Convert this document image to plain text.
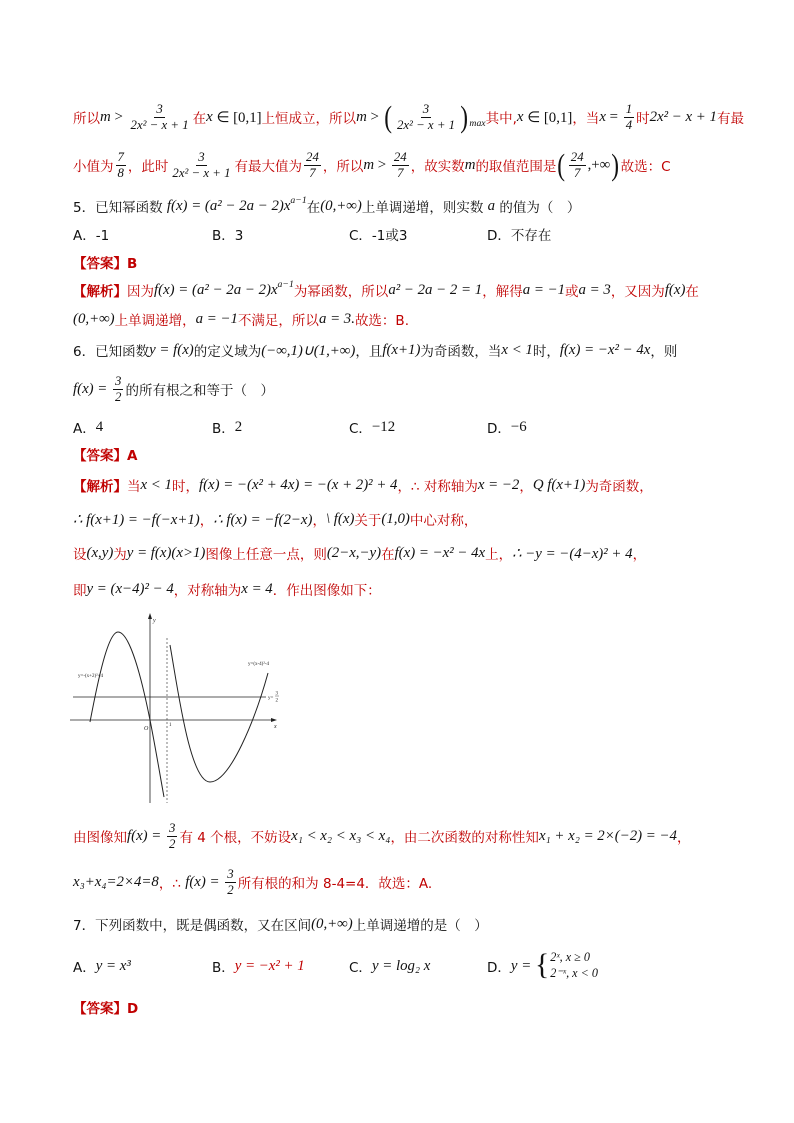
所以 $m > \frac{3}{\text{2x² − x + 1}}$ 在 x ∈ [0,1] 上恒成立，所以 m > ( $\frac{3}{\text{2x² − x + 1}}$ ) max 其中, x ∈ [0,1] ，当 $x = \frac{1}{4}$ 时 2x² − x + 1 有最
小值为 $\frac{7}{8}$ ，此时 $\frac{3}{\text{2x² − x + 1}}$ 有最大值为 $\frac{24}{7}$ ，所以 $m > \frac{24}{7}$ ，故实数 m 的取值范围是 ( $\frac{24}{7}$ ,+∞ ) 故选：C
5．已知幂函数 f(x) = (a² − 2a − 2)x a−1 在 (0,+∞) 上单调递增，则实数 a 的值为（　）
A．-1	B．3	C．-1或3	D．不存在
【答案】B
【解析】 因为 f(x) = (a² − 2a − 2)x a−1 为幂函数，所以 a² − 2a − 2 = 1 ，解得 a = −1 或 a = 3 ，又因为 f(x) 在
(0,+∞) 上单调递增， a = −1 不满足，所以 a = 3. 故选：B.
6．已知函数 y = f(x) 的定义域为 (−∞,1)∪(1,+∞) ，且 f(x+1) 为奇函数，当 x < 1 时， f(x) = −x² − 4x ，则
$f(x) = \frac{3}{2}$ 的所有根之和等于（　）
A． 4	B． 2	C． −12	D． −6
【答案】A
【解析】 当 x < 1 时， f(x) = −(x² + 4x) = −(x + 2)² + 4 ，∴ 对称轴为 x = −2 ， Q f(x+1) 为奇函数，
∴ f(x+1) = −f(−x+1) ， ∴ f(x) = −f(2−x) ， \ f(x) 关于 (1,0) 中心对称，
设 (x,y) 为 y = f(x)(x>1) 图像上任意一点，则 (2−x,−y) 在 f(x) = −x² − 4x 上， ∴ −y = −(4−x)² + 4 ，
即 y = (x−4)² − 4 ，对称轴为 x = 4 ．作出图像如下：
y=-(x+2)²+4
y=(x-4)²-4
y=
3
2
O
1	x
y
由图像知 $f(x) = \frac{3}{2}$ 有 4 个根，不妨设 x₁ < x₂ < x₃ < x₄ ，由二次函数的对称性知 x₁ + x₂ = 2×(−2) = −4 ，
x₃+x₄=2×4=8 ，∴ $f(x) = \frac{3}{2}$ 所有根的和为 8-4=4．故选：A.
7．下列函数中，既是偶函数，又在区间 (0,+∞) 上单调递增的是（　）
A． y = x³	B． y = −x² + 1	C． y = log₂ x	D． y = { 2ˣ, x ≥ 0
2⁻ˣ, x < 0
【答案】D
